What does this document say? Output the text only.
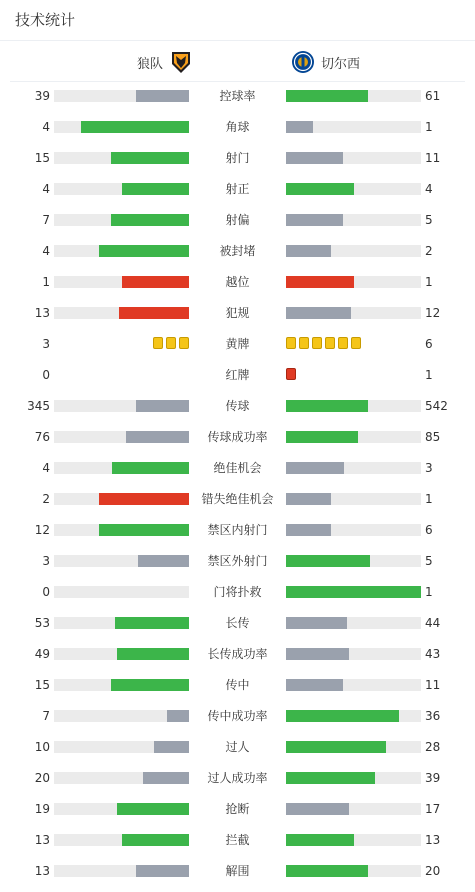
技术统计
狼队	切尔西
39	控球率	61
4	角球	1
15	射门	11
4	射正	4
7	射偏	5
4	被封堵	2
1	越位	1
13	犯规	12
3	黄牌	6
0	红牌	1
345	传球	542
76	传球成功率	85
4	绝佳机会	3
2	错失绝佳机会	1
12	禁区内射门	6
3	禁区外射门	5
0	门将扑救	1
53	长传	44
49	长传成功率	43
15	传中	11
7	传中成功率	36
10	过人	28
20	过人成功率	39
19	抢断	17
13	拦截	13
13	解围	20
